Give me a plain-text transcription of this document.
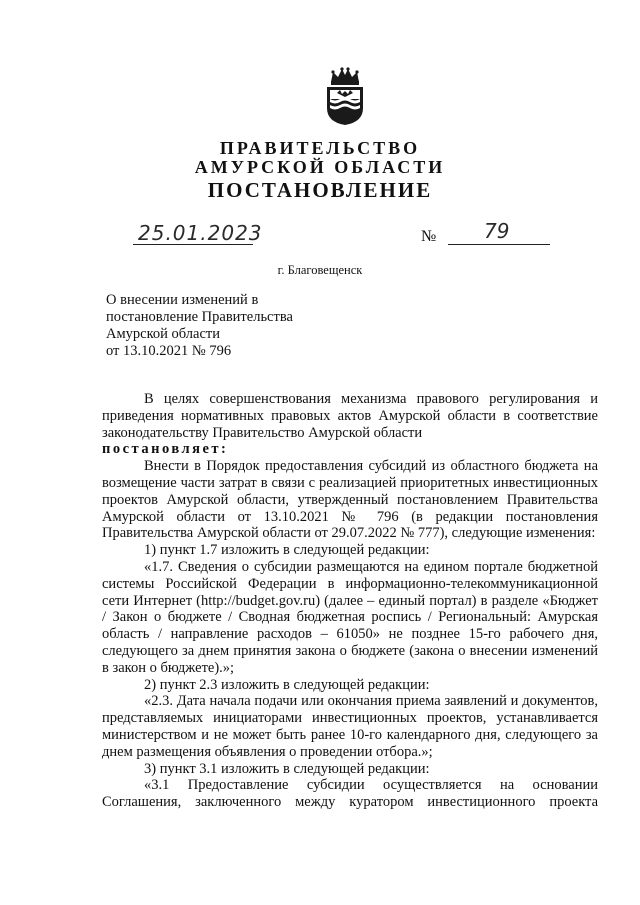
ПРАВИТЕЛЬСТВО
АМУРСКОЙ ОБЛАСТИ
ПОСТАНОВЛЕНИЕ
25.01.2023	№ 79
г. Благовещенск
О внесении изменений в
постановление Правительства
Амурской области
от 13.10.2021 № 796

В целях совершенствования механизма правового регулирования и приведения нормативных правовых актов Амурской области в соответствие законодательству Правительство Амурской области

постановляет:

Внести в Порядок предоставления субсидий из областного бюджета на возмещение части затрат в связи с реализацией приоритетных инвестиционных проектов Амурской области, утвержденный постановлением Правительства Амурской области от 13.10.2021 № 796 (в редакции постановления Правительства Амурской области от 29.07.2022 № 777), следующие изменения:

1) пункт 1.7 изложить в следующей редакции:

«1.7. Сведения о субсидии размещаются на едином портале бюджетной системы Российской Федерации в информационно-телекоммуникационной сети Интернет (http://budget.gov.ru) (далее – единый портал) в разделе «Бюджет / Закон о бюджете / Сводная бюджетная роспись / Региональный: Амурская область / направление расходов – 61050» не позднее 15-го рабочего дня, следующего за днем принятия закона о бюджете (закона о внесении изменений в закон о бюджете).»;

2) пункт 2.3 изложить в следующей редакции:

«2.3. Дата начала подачи или окончания приема заявлений и документов, представляемых инициаторами инвестиционных проектов, устанавливается министерством и не может быть ранее 10-го календарного дня, следующего за днем размещения объявления о проведении отбора.»;

3) пункт 3.1 изложить в следующей редакции:

«3.1 Предоставление субсидии осуществляется на основании Соглашения, заключенного между куратором инвестиционного проекта
